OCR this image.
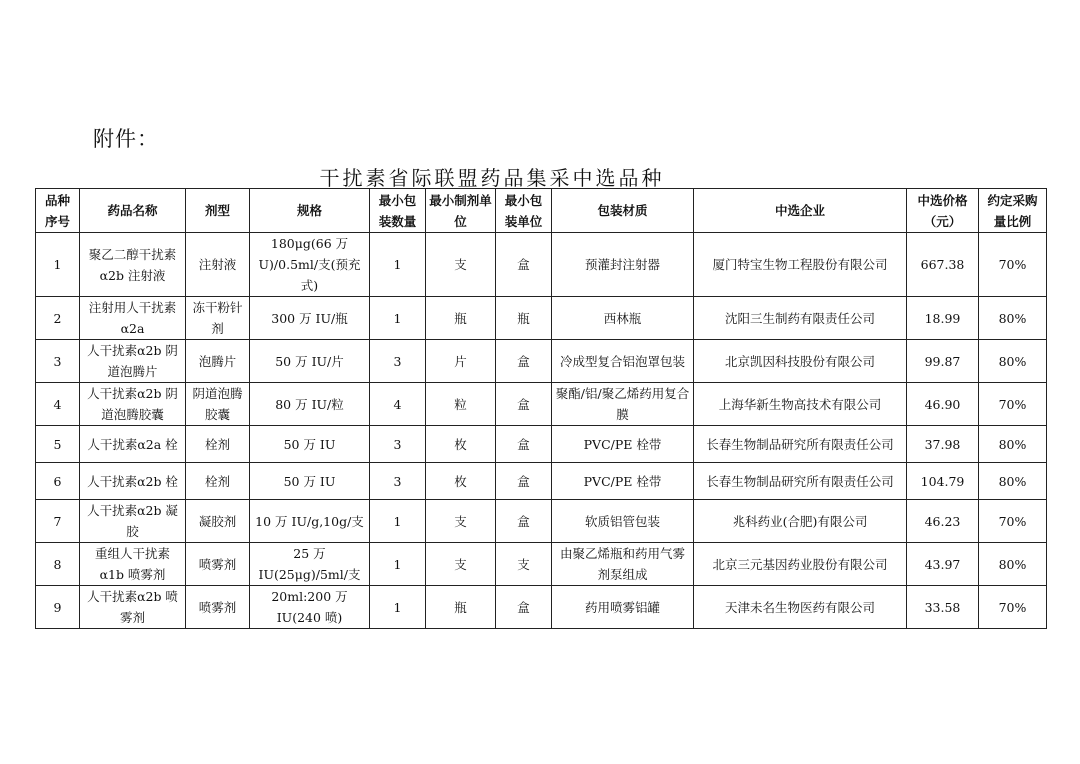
附件：
干扰素省际联盟药品集采中选品种
品种序号	药品名称	剂型	规格	最小包装数量	最小制剂单位	最小包装单位	包装材质	中选企业	中选价格（元）	约定采购量比例
1	聚乙二醇干扰素α2b 注射液	注射液	180μg(66 万 U)/0.5ml/支(预充式)	1	支	盒	预灌封注射器	厦门特宝生物工程股份有限公司	667.38	70%
2	注射用人干扰素α2a	冻干粉针剂	300 万 IU/瓶	1	瓶	瓶	西林瓶	沈阳三生制药有限责任公司	18.99	80%
3	人干扰素α2b 阴道泡腾片	泡腾片	50 万 IU/片	3	片	盒	冷成型复合铝泡罩包装	北京凯因科技股份有限公司	99.87	80%
4	人干扰素α2b 阴道泡腾胶囊	阴道泡腾胶囊	80 万 IU/粒	4	粒	盒	聚酯/铝/聚乙烯药用复合膜	上海华新生物高技术有限公司	46.90	70%
5	人干扰素α2a 栓	栓剂	50 万 IU	3	枚	盒	PVC/PE 栓带	长春生物制品研究所有限责任公司	37.98	80%
6	人干扰素α2b 栓	栓剂	50 万 IU	3	枚	盒	PVC/PE 栓带	长春生物制品研究所有限责任公司	104.79	80%
7	人干扰素α2b 凝胶	凝胶剂	10 万 IU/g,10g/支	1	支	盒	软质铝管包装	兆科药业(合肥)有限公司	46.23	70%
8	重组人干扰素α1b 喷雾剂	喷雾剂	25 万 IU(25μg)/5ml/支	1	支	支	由聚乙烯瓶和药用气雾剂泵组成	北京三元基因药业股份有限公司	43.97	80%
9	人干扰素α2b 喷雾剂	喷雾剂	20ml:200 万 IU(240 喷)	1	瓶	盒	药用喷雾铝罐	天津未名生物医药有限公司	33.58	70%
